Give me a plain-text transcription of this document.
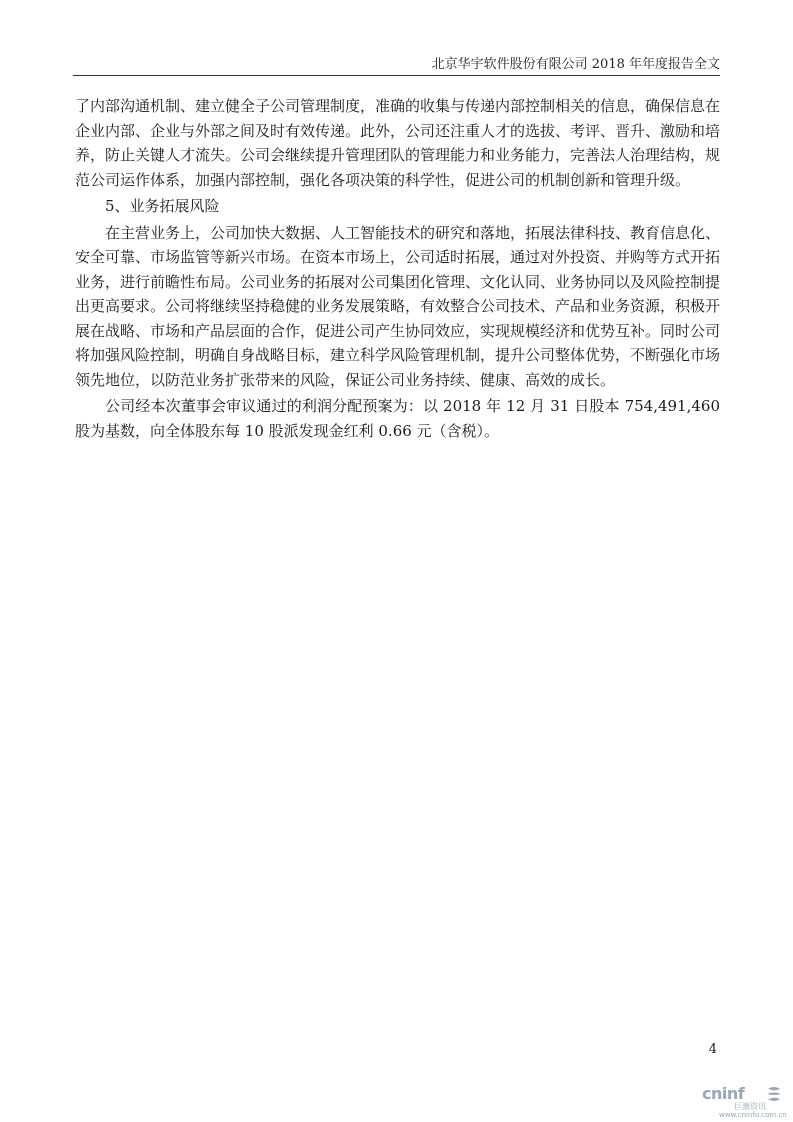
北京华宇软件股份有限公司 2018 年年度报告全文

了内部沟通机制、建立健全子公司管理制度，准确的收集与传递内部控制相关的信息，确保信息在企业内部、企业与外部之间及时有效传递。此外，公司还注重人才的选拔、考评、晋升、激励和培养，防止关键人才流失。公司会继续提升管理团队的管理能力和业务能力，完善法人治理结构，规范公司运作体系，加强内部控制，强化各项决策的科学性，促进公司的机制创新和管理升级。

5、业务拓展风险

在主营业务上，公司加快大数据、人工智能技术的研究和落地，拓展法律科技、教育信息化、安全可靠、市场监管等新兴市场。在资本市场上，公司适时拓展，通过对外投资、并购等方式开拓业务，进行前瞻性布局。公司业务的拓展对公司集团化管理、文化认同、业务协同以及风险控制提出更高要求。公司将继续坚持稳健的业务发展策略，有效整合公司技术、产品和业务资源，积极开展在战略、市场和产品层面的合作，促进公司产生协同效应，实现规模经济和优势互补。同时公司将加强风险控制，明确自身战略目标，建立科学风险管理机制，提升公司整体优势，不断强化市场领先地位，以防范业务扩张带来的风险，保证公司业务持续、健康、高效的成长。

公司经本次董事会审议通过的利润分配预案为：以 2018 年 12 月 31 日股本 754,491,460 股为基数，向全体股东每 10 股派发现金红利 0.66 元（含税）。

4
cninf
巨潮资讯
www.cninfo.com.cn
